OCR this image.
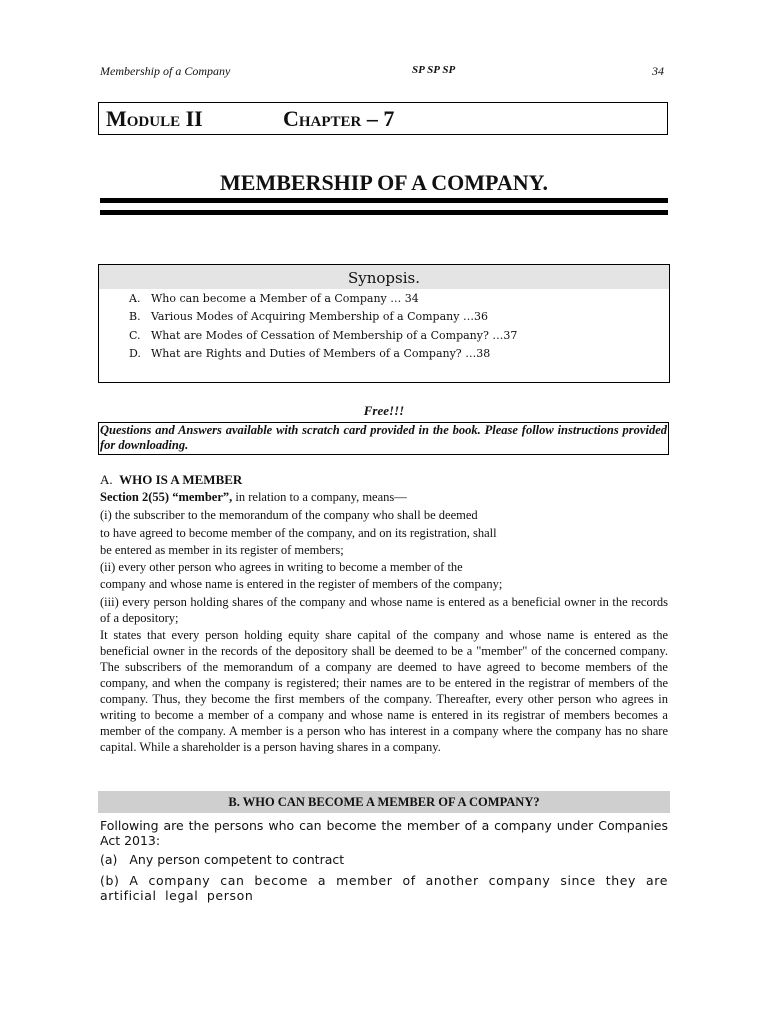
Membership of a Company	SP SP SP	34
Module II	Chapter – 7
MEMBERSHIP OF A COMPANY.
Synopsis.
A. Who can become a Member of a Company … 34
B. Various Modes of Acquiring Membership of a Company …36
C. What are Modes of Cessation of Membership of a Company? …37
D. What are Rights and Duties of Members of a Company? …38
Free!!!
Questions and Answers available with scratch card provided in the book. Please follow instructions provided for downloading.
A. WHO IS A MEMBER
Section 2(55) “member”, in relation to a company, means—
(i) the subscriber to the memorandum of the company who shall be deemed
to have agreed to become member of the company, and on its registration, shall
be entered as member in its register of members;
(ii) every other person who agrees in writing to become a member of the
company and whose name is entered in the register of members of the company;
(iii) every person holding shares of the company and whose name is entered as a beneficial owner in the records of a depository;
It states that every person holding equity share capital of the company and whose name is entered as the beneficial owner in the records of the depository shall be deemed to be a "member" of the concerned company. The subscribers of the memorandum of a company are deemed to have agreed to become members of the company, and when the company is registered; their names are to be entered in the registrar of members of the company. Thus, they become the first members of the company. Thereafter, every other person who agrees in writing to become a member of a company and whose name is entered in its registrar of members becomes a member of the company. A member is a person who has interest in a company where the company has no share capital. While a shareholder is a person having shares in a company.
B. WHO CAN BECOME A MEMBER OF A COMPANY?
Following are the persons who can become the member of a company under Companies Act 2013:
(a) Any person competent to contract
(b) A company can become a member of another company since they are artificial legal person
